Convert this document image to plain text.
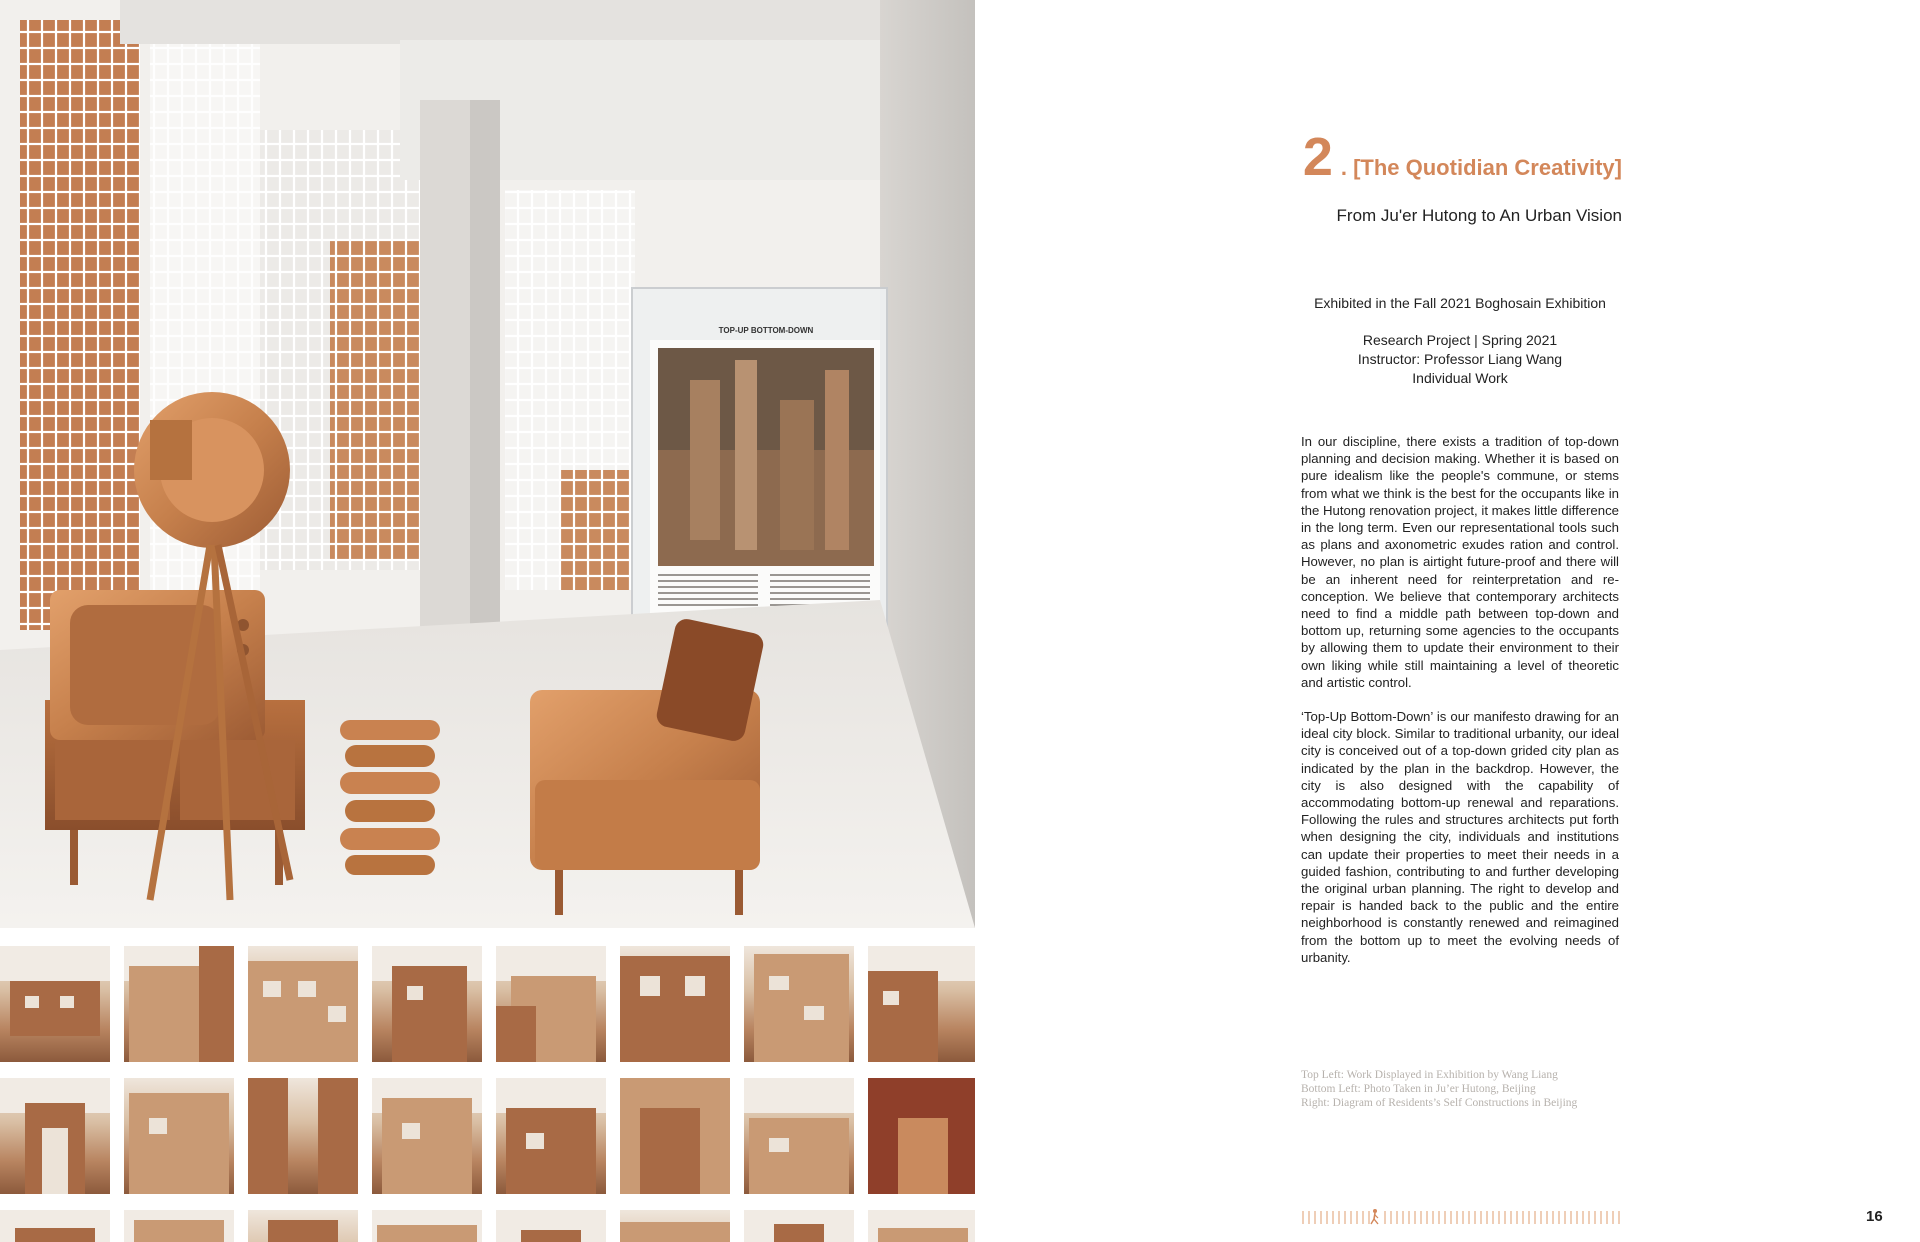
TOP-UP BOTTOM-DOWN
2 . [The Quotidian Creativity]
From Ju'er Hutong to An Urban Vision
Exhibited in the Fall 2021 Boghosain Exhibition
Research Project | Spring 2021
Instructor: Professor Liang Wang
Individual Work

In our discipline, there exists a tradition of top-down planning and decision making. Whether it is based on pure idealism like the people's commune, or stems from what we think is the best for the occupants like in the Hutong renovation project, it makes little difference in the long term. Even our representational tools such as plans and axonometric exudes ration and control. However, no plan is airtight future-proof and there will be an inherent need for reinterpretation and re-conception. We believe that contemporary architects need to find a middle path between top-down and bottom up, returning some agencies to the occupants by allowing them to update their environment to their own liking while still maintaining a level of theoretic and artistic control.

‘Top-Up Bottom-Down’ is our manifesto drawing for an ideal city block. Similar to traditional urbanity, our ideal city is conceived out of a top-down grided city plan as indicated by the plan in the backdrop. However, the city is also designed with the capability of accommodating bottom-up renewal and reparations. Following the rules and structures architects put forth when designing the city, individuals and institutions can update their properties to meet their needs in a guided fashion, contributing to and further developing the original urban planning. The right to develop and repair is handed back to the public and the entire neighborhood is constantly renewed and reimagined from the bottom up to meet the evolving needs of urbanity.

Top Left: Work Displayed in Exhibition by Wang Liang
Bottom Left: Photo Taken in Ju’er Hutong, Beijing
Right: Diagram of Residents’s Self Constructions in Beijing
16
